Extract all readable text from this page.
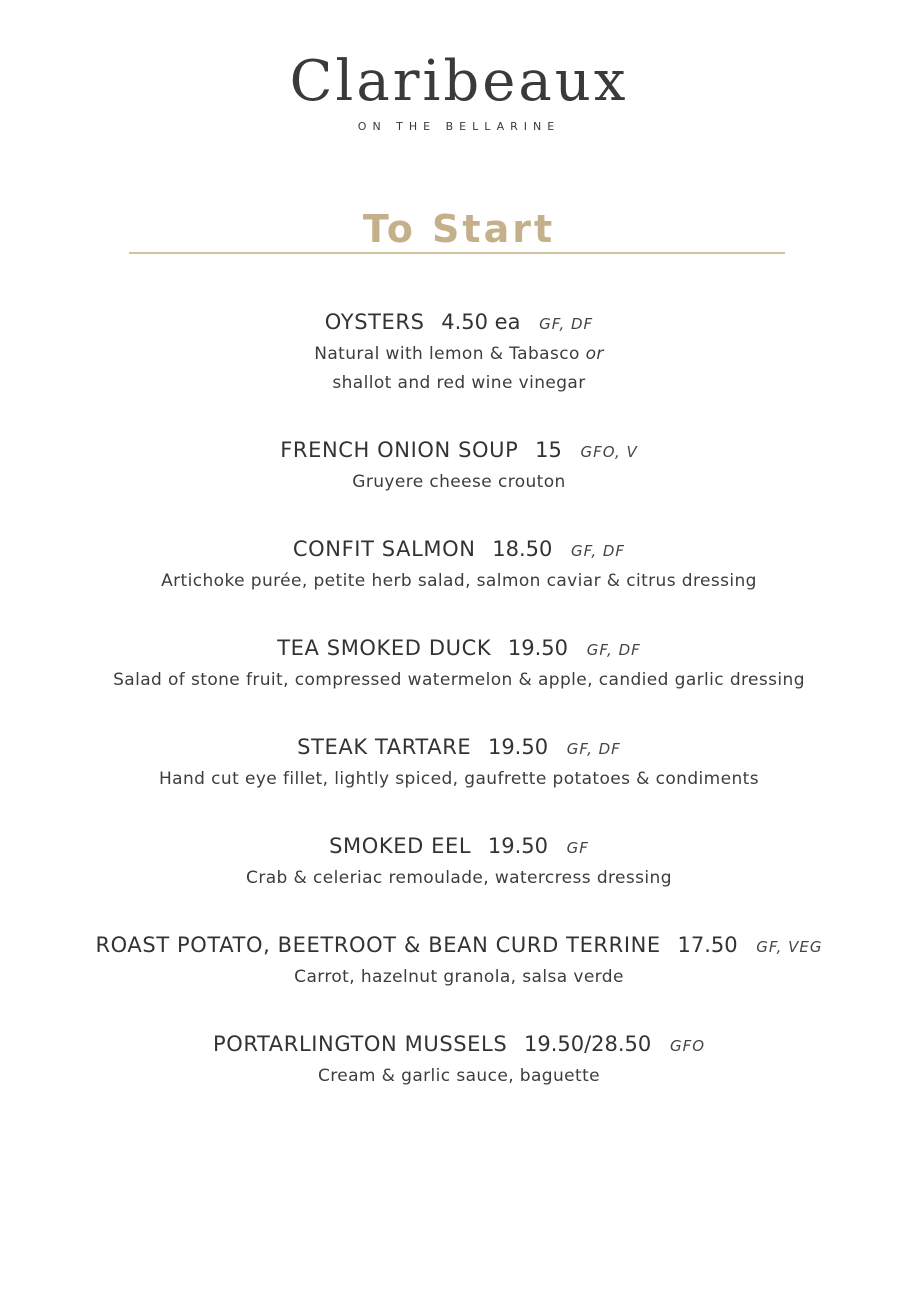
Claribeaux
ON THE BELLARINE
To Start
OYSTERS 4.50 ea GF, DF
Natural with lemon & Tabasco or
shallot and red wine vinegar
FRENCH ONION SOUP 15 GFO, V
Gruyere cheese crouton
CONFIT SALMON 18.50 GF, DF
Artichoke purée, petite herb salad, salmon caviar & citrus dressing
TEA SMOKED DUCK 19.50 GF, DF
Salad of stone fruit, compressed watermelon & apple, candied garlic dressing
STEAK TARTARE 19.50 GF, DF
Hand cut eye fillet, lightly spiced, gaufrette potatoes & condiments
SMOKED EEL 19.50 GF
Crab & celeriac remoulade, watercress dressing
ROAST POTATO, BEETROOT & BEAN CURD TERRINE 17.50 GF, VEG
Carrot, hazelnut granola, salsa verde
PORTARLINGTON MUSSELS 19.50/28.50 GFO
Cream & garlic sauce, baguette
